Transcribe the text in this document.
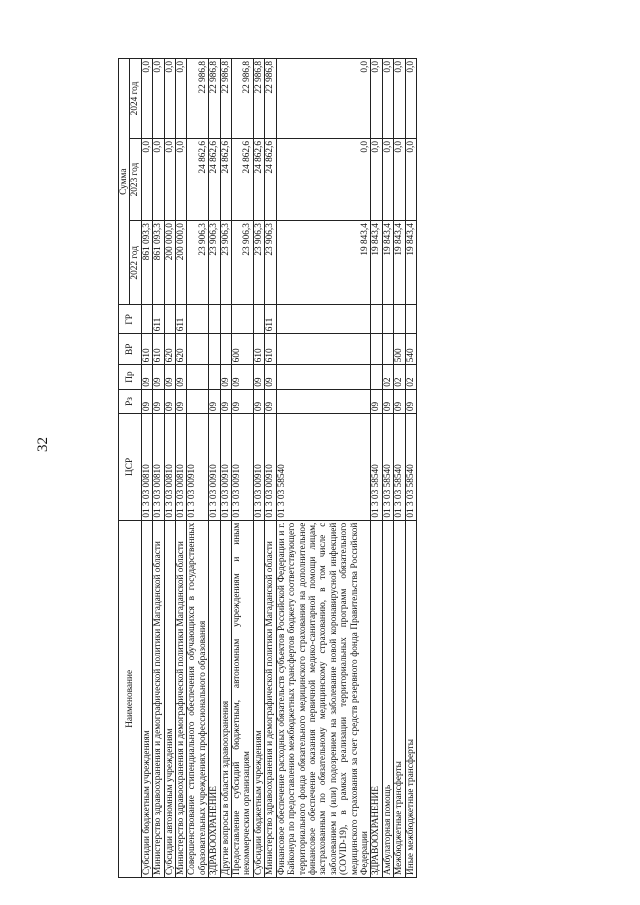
32
Наименование	ЦСР	Рз	Пр	ВР	ГР	Сумма		
						2022 год	2023 год	2024 год
Субсидии бюджетным учреждениям	01 3 03 00810	09	09	610		861 093,3	0,0	0,0
Министерство здравоохранения и демографической политики Магаданской области	01 3 03 00810	09	09	610	611	861 093,3	0,0	0,0
Субсидии автономным учреждениям	01 3 03 00810	09	09	620		200 000,0	0,0	0,0
Министерство здравоохранения и демографической политики Магаданской области	01 3 03 00810	09	09	620	611	200 000,0	0,0	0,0
Совершенствование стипендиального обеспечения обучающихся в государственных образовательных учреждениях профессионального образования	01 3 03 00910					23 906,3	24 862,6	22 986,8
ЗДРАВООХРАНЕНИЕ	01 3 03 00910	09				23 906,3	24 862,6	22 986,8
Другие вопросы в области здравоохранения	01 3 03 00910	09	09			23 906,3	24 862,6	22 986,8
Предоставление субсидий бюджетным, автономным учреждениям и иным некоммерческим организациям	01 3 03 00910	09	09	600		23 906,3	24 862,6	22 986,8
Субсидии бюджетным учреждениям	01 3 03 00910	09	09	610		23 906,3	24 862,6	22 986,8
Министерство здравоохранения и демографической политики Магаданской области	01 3 03 00910	09	09	610	611	23 906,3	24 862,6	22 986,8
Финансовое обеспечение расходных обязательств субъектов Российской Федерации и г. Байконура по предоставлению межбюджетных трансфертов бюджету соответствующего территориального фонда обязательного медицинского страхования на дополнительное финансовое обеспечение оказания первичной медико-санитарной помощи лицам, застрахованным по обязательному медицинскому страхованию, в том числе с заболеванием и (или) подозрением на заболевание новой коронавирусной инфекцией (COVID-19), в рамках реализации территориальных программ обязательного медицинского страхования за счет средств резервного фонда Правительства Российской Федерации	01 3 03 58540					19 843,4	0,0	0,0
ЗДРАВООХРАНЕНИЕ	01 3 03 58540	09				19 843,4	0,0	0,0
Амбулаторная помощь	01 3 03 58540	09	02			19 843,4	0,0	0,0
Межбюджетные трансферты	01 3 03 58540	09	02	500		19 843,4	0,0	0,0
Иные межбюджетные трансферты	01 3 03 58540	09	02	540		19 843,4	0,0	0,0
